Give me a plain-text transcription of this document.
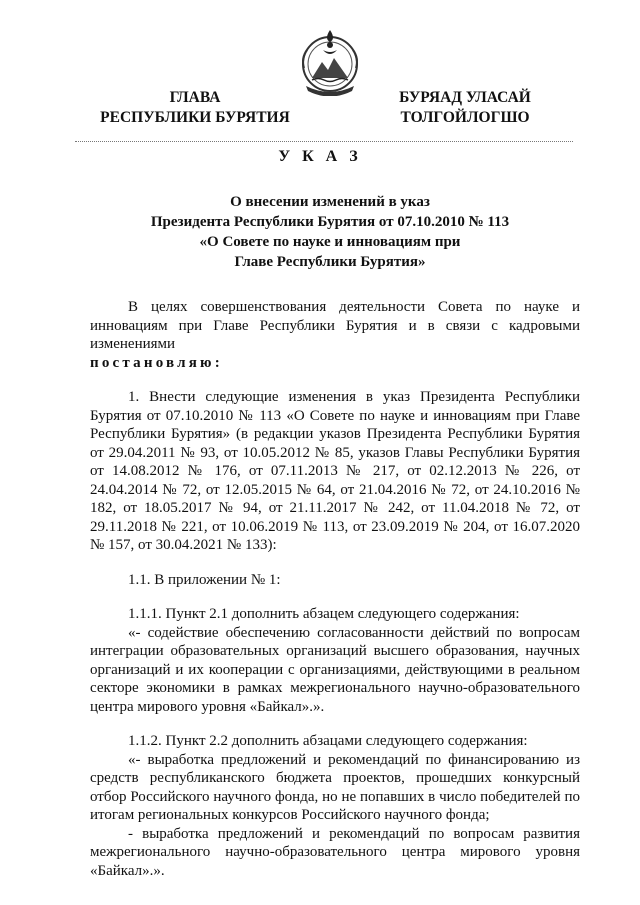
ГЛАВА
РЕСПУБЛИКИ БУРЯТИЯ
БУРЯАД УЛАСАЙ
ТОЛГОЙЛОГШО
У К А З
О внесении изменений в указ
Президента Республики Бурятия от 07.10.2010 № 113
«О Совете по науке и инновациям при
Главе Республики Бурятия»

В целях совершенствования деятельности Совета по науке и инновациям при Главе Республики Бурятия и в связи с кадровыми изменениями

постановляю:

1. Внести следующие изменения в указ Президента Республики Бурятия от 07.10.2010 № 113 «О Совете по науке и инновациям при Главе Республики Бурятия» (в редакции указов Президента Республики Бурятия от 29.04.2011 № 93, от 10.05.2012 № 85, указов Главы Республики Бурятия от 14.08.2012 № 176, от 07.11.2013 № 217, от 02.12.2013 № 226, от 24.04.2014 № 72, от 12.05.2015 № 64, от 21.04.2016 № 72, от 24.10.2016 № 182, от 18.05.2017 № 94, от 21.11.2017 № 242, от 11.04.2018 № 72, от 29.11.2018 № 221, от 10.06.2019 № 113, от 23.09.2019 № 204, от 16.07.2020 № 157, от 30.04.2021 № 133):

1.1. В приложении № 1:

1.1.1. Пункт 2.1 дополнить абзацем следующего содержания:

«- содействие обеспечению согласованности действий по вопросам интеграции образовательных организаций высшего образования, научных организаций и их кооперации с организациями, действующими в реальном секторе экономики в рамках межрегионального научно-образовательного центра мирового уровня «Байкал».».

1.1.2. Пункт 2.2 дополнить абзацами следующего содержания:

«- выработка предложений и рекомендаций по финансированию из средств республиканского бюджета проектов, прошедших конкурсный отбор Российского научного фонда, но не попавших в число победителей по итогам региональных конкурсов Российского научного фонда;

- выработка предложений и рекомендаций по вопросам развития межрегионального научно-образовательного центра мирового уровня «Байкал».».
